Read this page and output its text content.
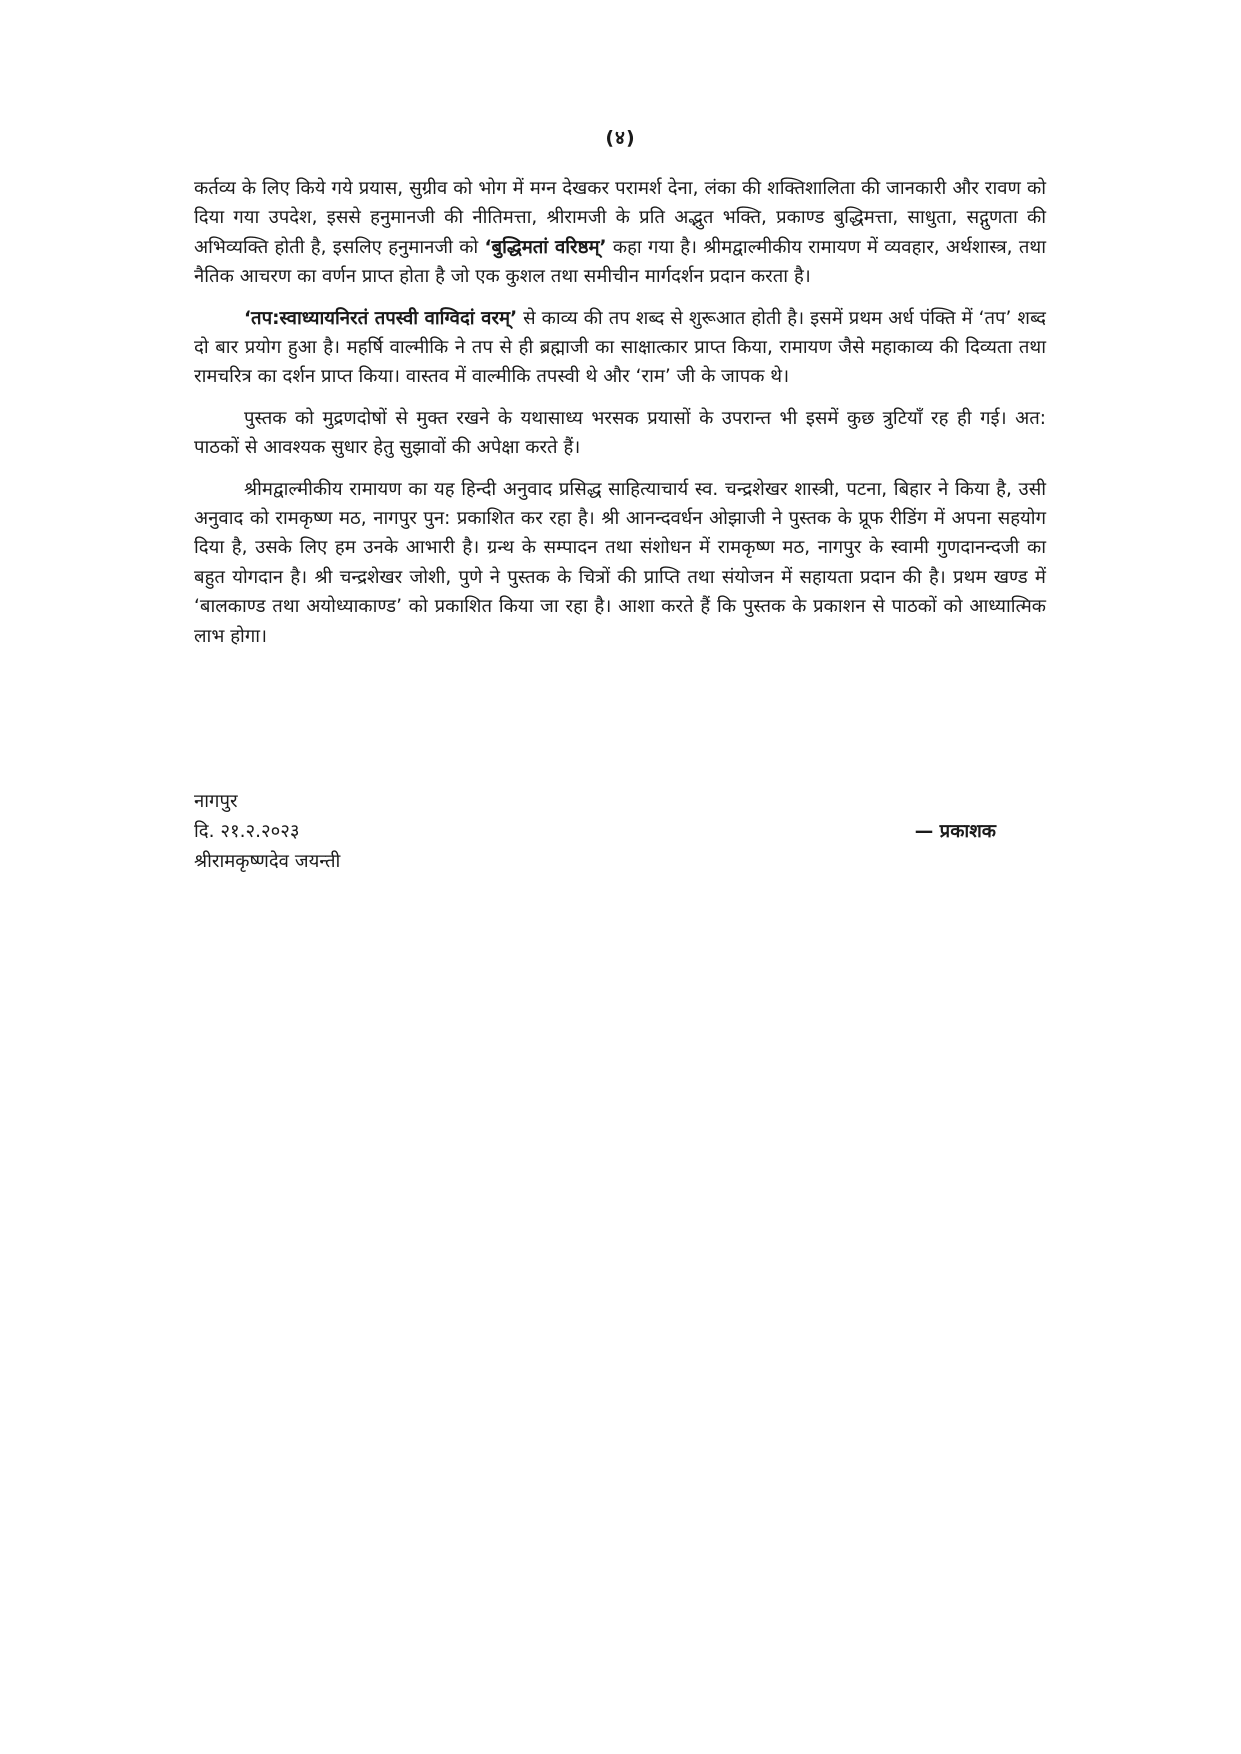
(४)

कर्तव्य के लिए किये गये प्रयास, सुग्रीव को भोग में मग्न देखकर परामर्श देना, लंका की शक्तिशालिता की जानकारी और रावण को दिया गया उपदेश, इससे हनुमानजी की नीतिमत्ता, श्रीरामजी के प्रति अद्भुत भक्ति, प्रकाण्ड बुद्धिमत्ता, साधुता, सद्गुणता की अभिव्यक्ति होती है, इसलिए हनुमानजी को ‘बुद्धिमतां वरिष्ठम्’ कहा गया है। श्रीमद्वाल्मीकीय रामायण में व्यवहार, अर्थशास्त्र, तथा नैतिक आचरण का वर्णन प्राप्त होता है जो एक कुशल तथा समीचीन मार्गदर्शन प्रदान करता है।

‘तप:स्वाध्यायनिरतं तपस्वी वाग्विदां वरम्’ से काव्य की तप शब्द से शुरूआत होती है। इसमें प्रथम अर्ध पंक्ति में ‘तप’ शब्द दो बार प्रयोग हुआ है। महर्षि वाल्मीकि ने तप से ही ब्रह्माजी का साक्षात्कार प्राप्त किया, रामायण जैसे महाकाव्य की दिव्यता तथा रामचरित्र का दर्शन प्राप्त किया। वास्तव में वाल्मीकि तपस्वी थे और ‘राम’ जी के जापक थे।

पुस्तक को मुद्रणदोषों से मुक्त रखने के यथासाध्य भरसक प्रयासों के उपरान्त भी इसमें कुछ त्रुटियाँ रह ही गई। अत: पाठकों से आवश्यक सुधार हेतु सुझावों की अपेक्षा करते हैं।

श्रीमद्वाल्मीकीय रामायण का यह हिन्दी अनुवाद प्रसिद्ध साहित्याचार्य स्व. चन्द्रशेखर शास्त्री, पटना, बिहार ने किया है, उसी अनुवाद को रामकृष्ण मठ, नागपुर पुन: प्रकाशित कर रहा है। श्री आनन्दवर्धन ओझाजी ने पुस्तक के प्रूफ रीडिंग में अपना सहयोग दिया है, उसके लिए हम उनके आभारी है। ग्रन्थ के सम्पादन तथा संशोधन में रामकृष्ण मठ, नागपुर के स्वामी गुणदानन्दजी का बहुत योगदान है। श्री चन्द्रशेखर जोशी, पुणे ने पुस्तक के चित्रों की प्राप्ति तथा संयोजन में सहायता प्रदान की है। प्रथम खण्ड में ‘बालकाण्ड तथा अयोध्याकाण्ड’ को प्रकाशित किया जा रहा है। आशा करते हैं कि पुस्तक के प्रकाशन से पाठकों को आध्यात्मिक लाभ होगा।

नागपुर
दि. २१.२.२०२३	— प्रकाशक
श्रीरामकृष्णदेव जयन्ती
